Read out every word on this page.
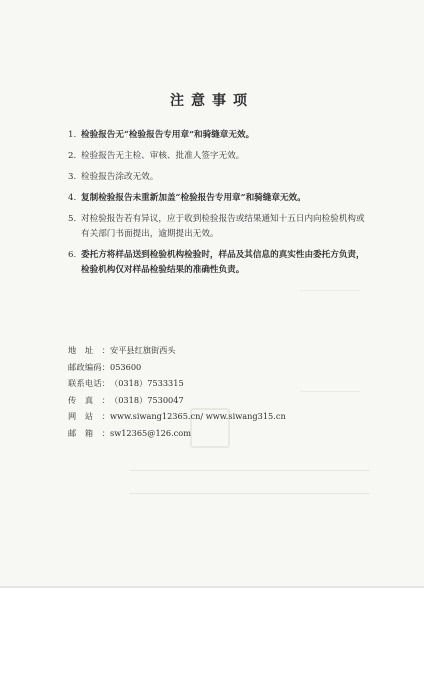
注意事项
1. 检验报告无“检验报告专用章”和骑缝章无效。
2. 检验报告无主检、审核、批准人签字无效。
3. 检验报告涂改无效。
4. 复制检验报告未重新加盖“检验报告专用章”和骑缝章无效。
5. 对检验报告若有异议，应于收到检验报告或结果通知十五日内向检验机构或有关部门书面提出，逾期提出无效。
6. 委托方将样品送到检验机构检验时，样品及其信息的真实性由委托方负责，检验机构仅对样品检验结果的准确性负责。
地址： 安平县红旗街西头
邮政编码： 053600
联系电话： （0318）7533315
传真： （0318）7530047
网站： www.siwang12365.cn/ www.siwang315.cn
邮箱： sw12365@126.com
